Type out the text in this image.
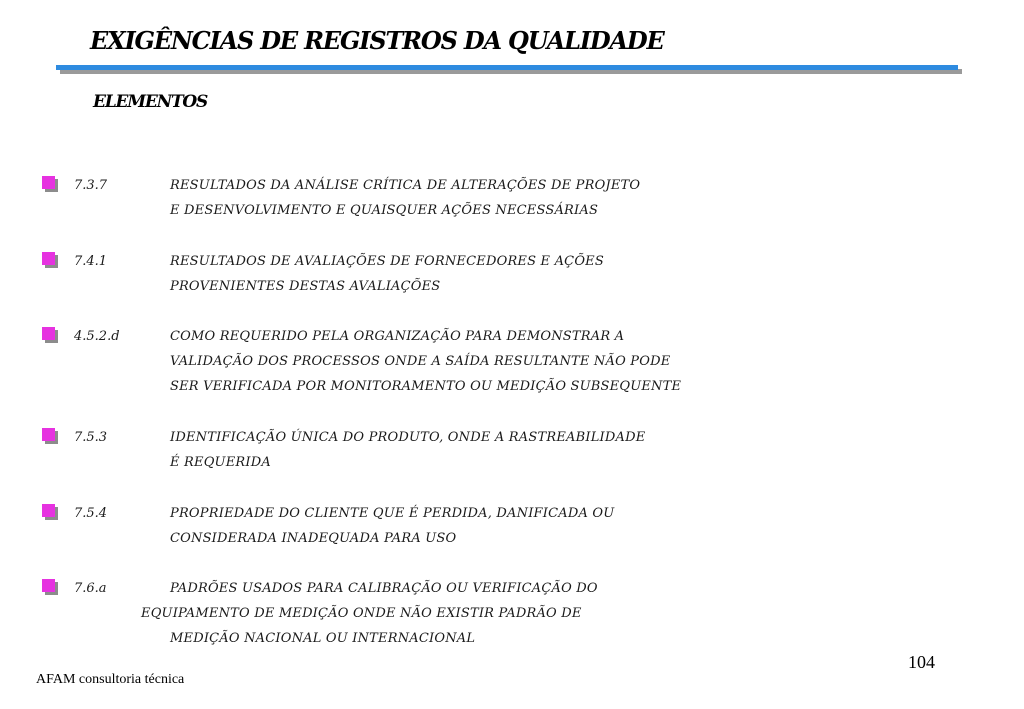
EXIGÊNCIAS DE REGISTROS DA QUALIDADE
ELEMENTOS
7.3.7	RESULTADOS DA ANÁLISE CRÍTICA DE ALTERAÇÕES DE PROJETO
E DESENVOLVIMENTO E QUAISQUER AÇÕES NECESSÁRIAS
7.4.1	RESULTADOS DE AVALIAÇÕES DE FORNECEDORES E AÇÕES
PROVENIENTES DESTAS AVALIAÇÕES
4.5.2.d	COMO REQUERIDO PELA ORGANIZAÇÃO PARA DEMONSTRAR A
VALIDAÇÃO DOS PROCESSOS ONDE A SAÍDA RESULTANTE NÃO PODE
SER VERIFICADA POR MONITORAMENTO OU MEDIÇÃO SUBSEQUENTE
7.5.3	IDENTIFICAÇÃO ÚNICA DO PRODUTO, ONDE A RASTREABILIDADE
É REQUERIDA
7.5.4	PROPRIEDADE DO CLIENTE QUE É PERDIDA, DANIFICADA OU
CONSIDERADA INADEQUADA PARA USO
7.6.a	PADRÕES USADOS PARA CALIBRAÇÃO OU VERIFICAÇÃO DO
EQUIPAMENTO DE MEDIÇÃO ONDE NÃO EXISTIR PADRÃO DE
MEDIÇÃO NACIONAL OU INTERNACIONAL
104
AFAM consultoria técnica
